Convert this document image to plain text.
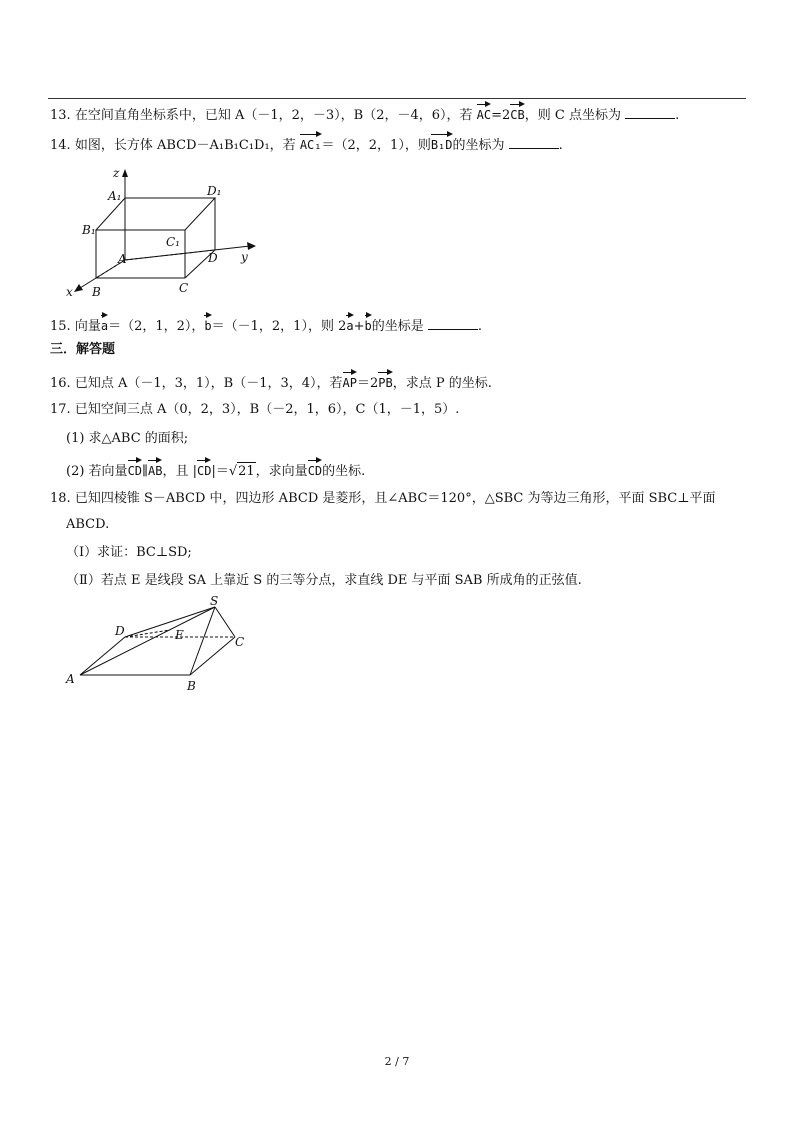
13. 在空间直角坐标系中，已知 A（－1，2，－3），B（2，－4，6），若 AC=2CB，则 C 点坐标为	.
14. 如图，长方体 ABCD－A₁B₁C₁D₁，若 AC₁＝（2，2，1），则B₁D的坐标为	.
z
y
x
A₁	D₁
B₁
C₁
A	D
B	C
15. 向量a＝（2，1，2），b＝（－1，2，1），则 2a+b的坐标是	.
三．解答题
16. 已知点 A（－1，3，1），B（－1，3，4），若AP＝2PB，求点 P 的坐标.
17. 已知空间三点 A（0，2，3），B（－2，1，6），C（1，－1，5）.
(1) 求△ABC 的面积;
(2) 若向量CD∥AB，且 |CD|＝√21，求向量CD的坐标.
18. 已知四棱锥 S－ABCD 中，四边形 ABCD 是菱形，且∠ABC＝120°，△SBC 为等边三角形，平面 SBC⊥平面
ABCD.
（Ⅰ）求证：BC⊥SD;
（Ⅱ）若点 E 是线段 SA 上靠近 S 的三等分点，求直线 DE 与平面 SAB 所成角的正弦值.
S
D	E	C
A	B
2 / 7
